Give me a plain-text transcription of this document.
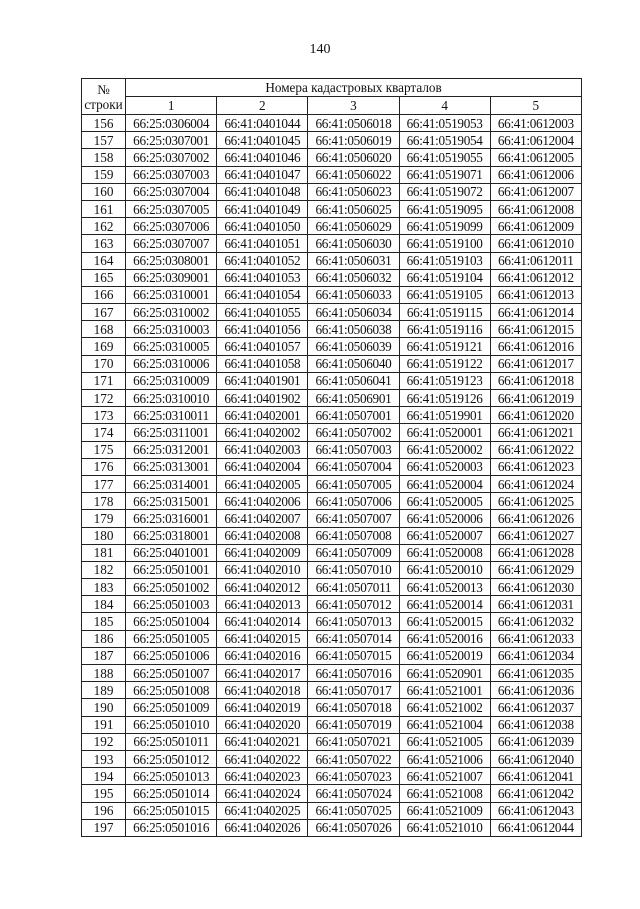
140
№
строки	Номера кадастровых кварталов				
	1	2	3	4	5
156	66:25:0306004	66:41:0401044	66:41:0506018	66:41:0519053	66:41:0612003
157	66:25:0307001	66:41:0401045	66:41:0506019	66:41:0519054	66:41:0612004
158	66:25:0307002	66:41:0401046	66:41:0506020	66:41:0519055	66:41:0612005
159	66:25:0307003	66:41:0401047	66:41:0506022	66:41:0519071	66:41:0612006
160	66:25:0307004	66:41:0401048	66:41:0506023	66:41:0519072	66:41:0612007
161	66:25:0307005	66:41:0401049	66:41:0506025	66:41:0519095	66:41:0612008
162	66:25:0307006	66:41:0401050	66:41:0506029	66:41:0519099	66:41:0612009
163	66:25:0307007	66:41:0401051	66:41:0506030	66:41:0519100	66:41:0612010
164	66:25:0308001	66:41:0401052	66:41:0506031	66:41:0519103	66:41:0612011
165	66:25:0309001	66:41:0401053	66:41:0506032	66:41:0519104	66:41:0612012
166	66:25:0310001	66:41:0401054	66:41:0506033	66:41:0519105	66:41:0612013
167	66:25:0310002	66:41:0401055	66:41:0506034	66:41:0519115	66:41:0612014
168	66:25:0310003	66:41:0401056	66:41:0506038	66:41:0519116	66:41:0612015
169	66:25:0310005	66:41:0401057	66:41:0506039	66:41:0519121	66:41:0612016
170	66:25:0310006	66:41:0401058	66:41:0506040	66:41:0519122	66:41:0612017
171	66:25:0310009	66:41:0401901	66:41:0506041	66:41:0519123	66:41:0612018
172	66:25:0310010	66:41:0401902	66:41:0506901	66:41:0519126	66:41:0612019
173	66:25:0310011	66:41:0402001	66:41:0507001	66:41:0519901	66:41:0612020
174	66:25:0311001	66:41:0402002	66:41:0507002	66:41:0520001	66:41:0612021
175	66:25:0312001	66:41:0402003	66:41:0507003	66:41:0520002	66:41:0612022
176	66:25:0313001	66:41:0402004	66:41:0507004	66:41:0520003	66:41:0612023
177	66:25:0314001	66:41:0402005	66:41:0507005	66:41:0520004	66:41:0612024
178	66:25:0315001	66:41:0402006	66:41:0507006	66:41:0520005	66:41:0612025
179	66:25:0316001	66:41:0402007	66:41:0507007	66:41:0520006	66:41:0612026
180	66:25:0318001	66:41:0402008	66:41:0507008	66:41:0520007	66:41:0612027
181	66:25:0401001	66:41:0402009	66:41:0507009	66:41:0520008	66:41:0612028
182	66:25:0501001	66:41:0402010	66:41:0507010	66:41:0520010	66:41:0612029
183	66:25:0501002	66:41:0402012	66:41:0507011	66:41:0520013	66:41:0612030
184	66:25:0501003	66:41:0402013	66:41:0507012	66:41:0520014	66:41:0612031
185	66:25:0501004	66:41:0402014	66:41:0507013	66:41:0520015	66:41:0612032
186	66:25:0501005	66:41:0402015	66:41:0507014	66:41:0520016	66:41:0612033
187	66:25:0501006	66:41:0402016	66:41:0507015	66:41:0520019	66:41:0612034
188	66:25:0501007	66:41:0402017	66:41:0507016	66:41:0520901	66:41:0612035
189	66:25:0501008	66:41:0402018	66:41:0507017	66:41:0521001	66:41:0612036
190	66:25:0501009	66:41:0402019	66:41:0507018	66:41:0521002	66:41:0612037
191	66:25:0501010	66:41:0402020	66:41:0507019	66:41:0521004	66:41:0612038
192	66:25:0501011	66:41:0402021	66:41:0507021	66:41:0521005	66:41:0612039
193	66:25:0501012	66:41:0402022	66:41:0507022	66:41:0521006	66:41:0612040
194	66:25:0501013	66:41:0402023	66:41:0507023	66:41:0521007	66:41:0612041
195	66:25:0501014	66:41:0402024	66:41:0507024	66:41:0521008	66:41:0612042
196	66:25:0501015	66:41:0402025	66:41:0507025	66:41:0521009	66:41:0612043
197	66:25:0501016	66:41:0402026	66:41:0507026	66:41:0521010	66:41:0612044
